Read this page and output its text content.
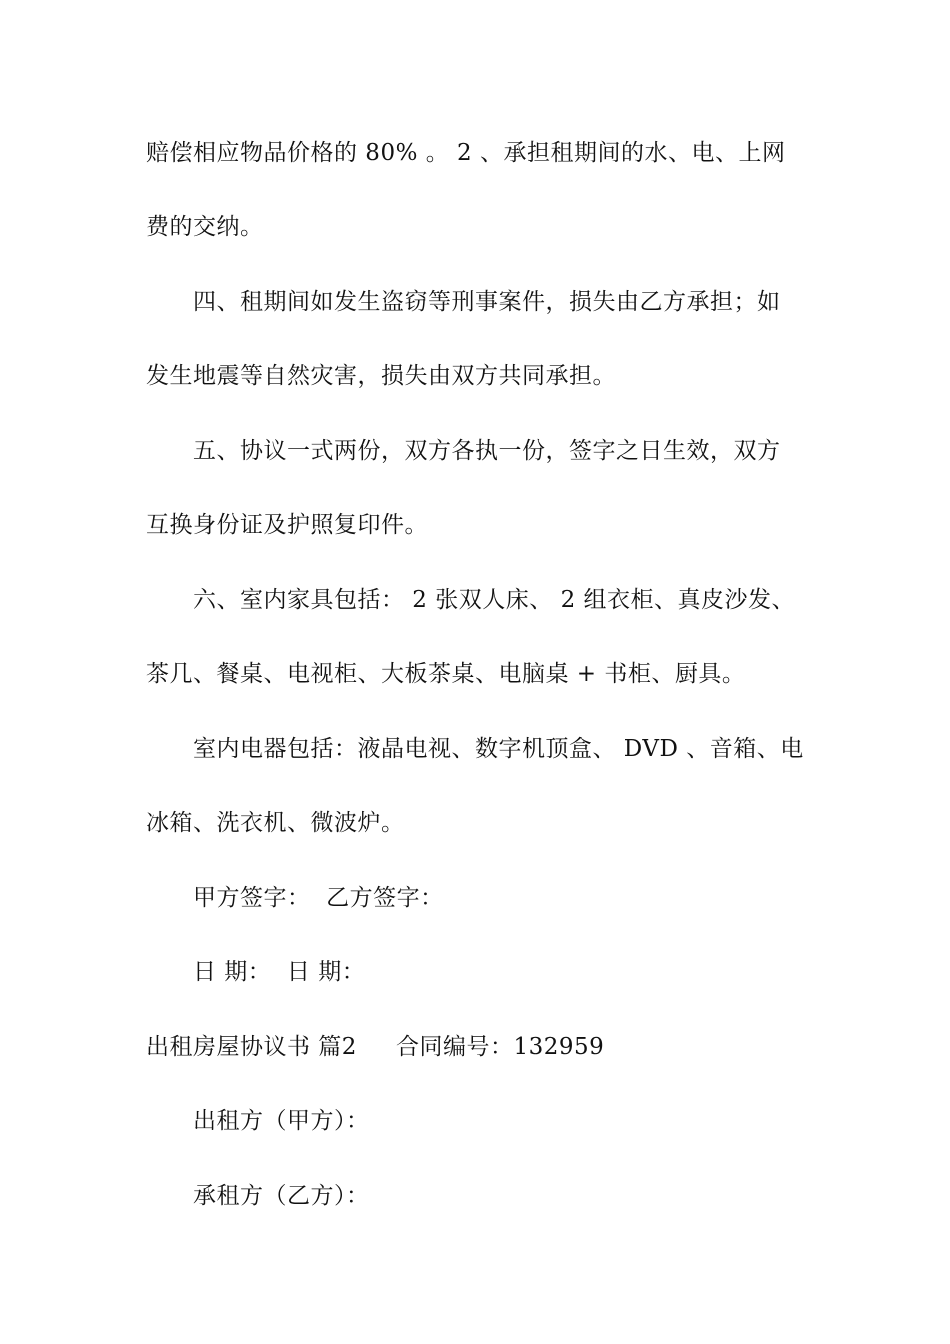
赔偿相应物品价格的 80% 。 2 、承担租期间的水、电、上网
费的交纳。
四、租期间如发生盗窃等刑事案件，损失由乙方承担；如
发生地震等自然灾害，损失由双方共同承担。
五、协议一式两份，双方各执一份，签字之日生效，双方
互换身份证及护照复印件。
六、室内家具包括： 2 张双人床、 2 组衣柜、真皮沙发、
茶几、餐桌、电视柜、大板茶桌、电脑桌 + 书柜、厨具。
室内电器包括：液晶电视、数字机顶盒、 DVD 、音箱、电
冰箱、洗衣机、微波炉。
甲方签字：  乙方签字：
日 期：  日 期：
出租房屋协议书 篇2     合同编号：132959
出租方（甲方）：
承租方（乙方）：
